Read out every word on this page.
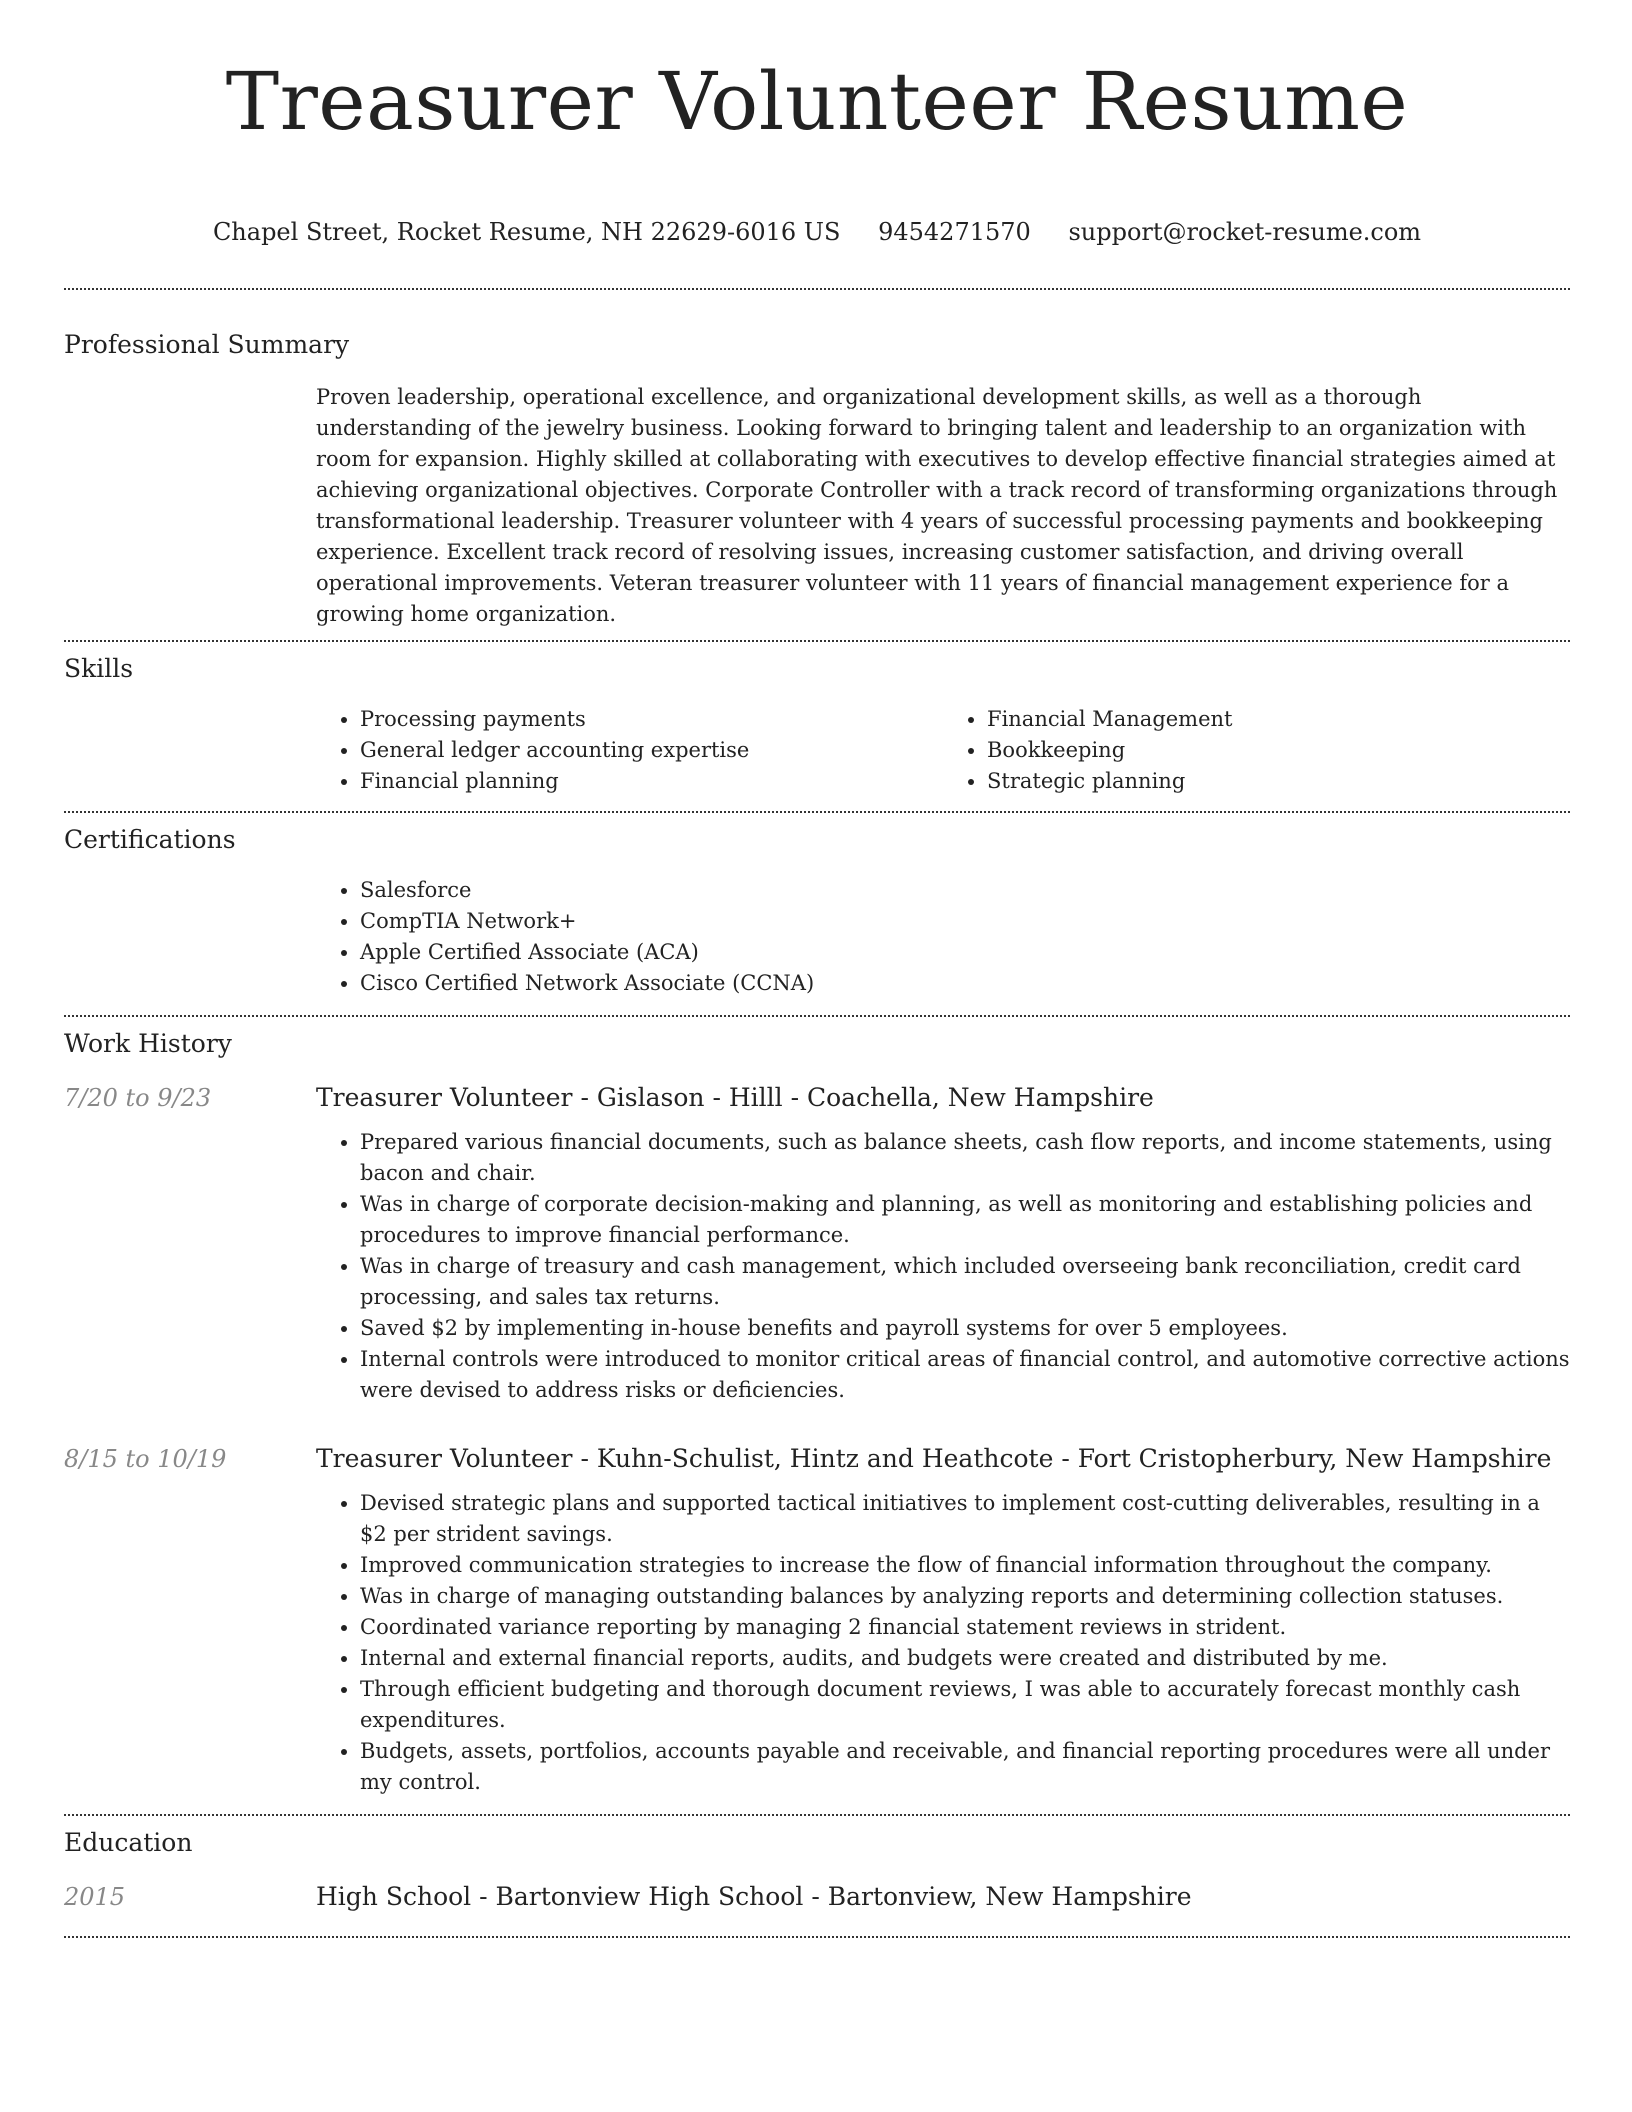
Treasurer Volunteer Resume
Chapel Street, Rocket Resume, NH 22629-6016 US 9454271570 support@rocket-resume.com
Professional Summary
Proven leadership, operational excellence, and organizational development skills, as well as a thorough understanding of the jewelry business. Looking forward to bringing talent and leadership to an organization with room for expansion. Highly skilled at collaborating with executives to develop effective financial strategies aimed at achieving organizational objectives. Corporate Controller with a track record of transforming organizations through transformational leadership. Treasurer volunteer with 4 years of successful processing payments and bookkeeping experience. Excellent track record of resolving issues, increasing customer satisfaction, and driving overall operational improvements. Veteran treasurer volunteer with 11 years of financial management experience for a growing home organization.
Skills
• Processing payments
• General ledger accounting expertise
• Financial planning
• Financial Management
• Bookkeeping
• Strategic planning
Certifications
• Salesforce
• CompTIA Network+
• Apple Certified Associate (ACA)
• Cisco Certified Network Associate (CCNA)
Work History
7/20 to 9/23	Treasurer Volunteer - Gislason - Hilll - Coachella, New Hampshire
• Prepared various financial documents, such as balance sheets, cash flow reports, and income statements, using bacon and chair.
• Was in charge of corporate decision-making and planning, as well as monitoring and establishing policies and procedures to improve financial performance.
• Was in charge of treasury and cash management, which included overseeing bank reconciliation, credit card processing, and sales tax returns.
• Saved $2 by implementing in-house benefits and payroll systems for over 5 employees.
• Internal controls were introduced to monitor critical areas of financial control, and automotive corrective actions were devised to address risks or deficiencies.
8/15 to 10/19	Treasurer Volunteer - Kuhn-Schulist, Hintz and Heathcote - Fort Cristopherbury, New Hampshire
• Devised strategic plans and supported tactical initiatives to implement cost-cutting deliverables, resulting in a $2 per strident savings.
• Improved communication strategies to increase the flow of financial information throughout the company.
• Was in charge of managing outstanding balances by analyzing reports and determining collection statuses.
• Coordinated variance reporting by managing 2 financial statement reviews in strident.
• Internal and external financial reports, audits, and budgets were created and distributed by me.
• Through efficient budgeting and thorough document reviews, I was able to accurately forecast monthly cash expenditures.
• Budgets, assets, portfolios, accounts payable and receivable, and financial reporting procedures were all under my control.
Education
2015	High School - Bartonview High School - Bartonview, New Hampshire
